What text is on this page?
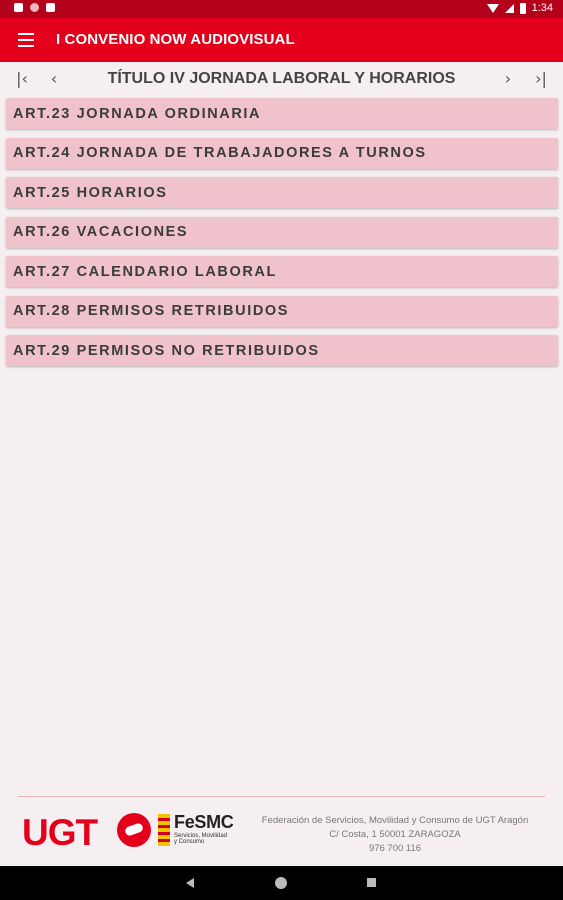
1:34
I CONVENIO NOW AUDIOVISUAL
|‹	‹	TÍTULO IV JORNADA LABORAL Y HORARIOS	›	›|
ART.23 JORNADA ORDINARIA
ART.24 JORNADA DE TRABAJADORES A TURNOS
ART.25 HORARIOS
ART.26 VACACIONES
ART.27 CALENDARIO LABORAL
ART.28 PERMISOS RETRIBUIDOS
ART.29 PERMISOS NO RETRIBUIDOS
UGT	FeSMC
Servicios, Movilidad
y Consumo
Federación de Servicios, Movilidad y Consumo de UGT Aragón
C/ Costa, 1 50001 ZARAGOZA
976 700 116
